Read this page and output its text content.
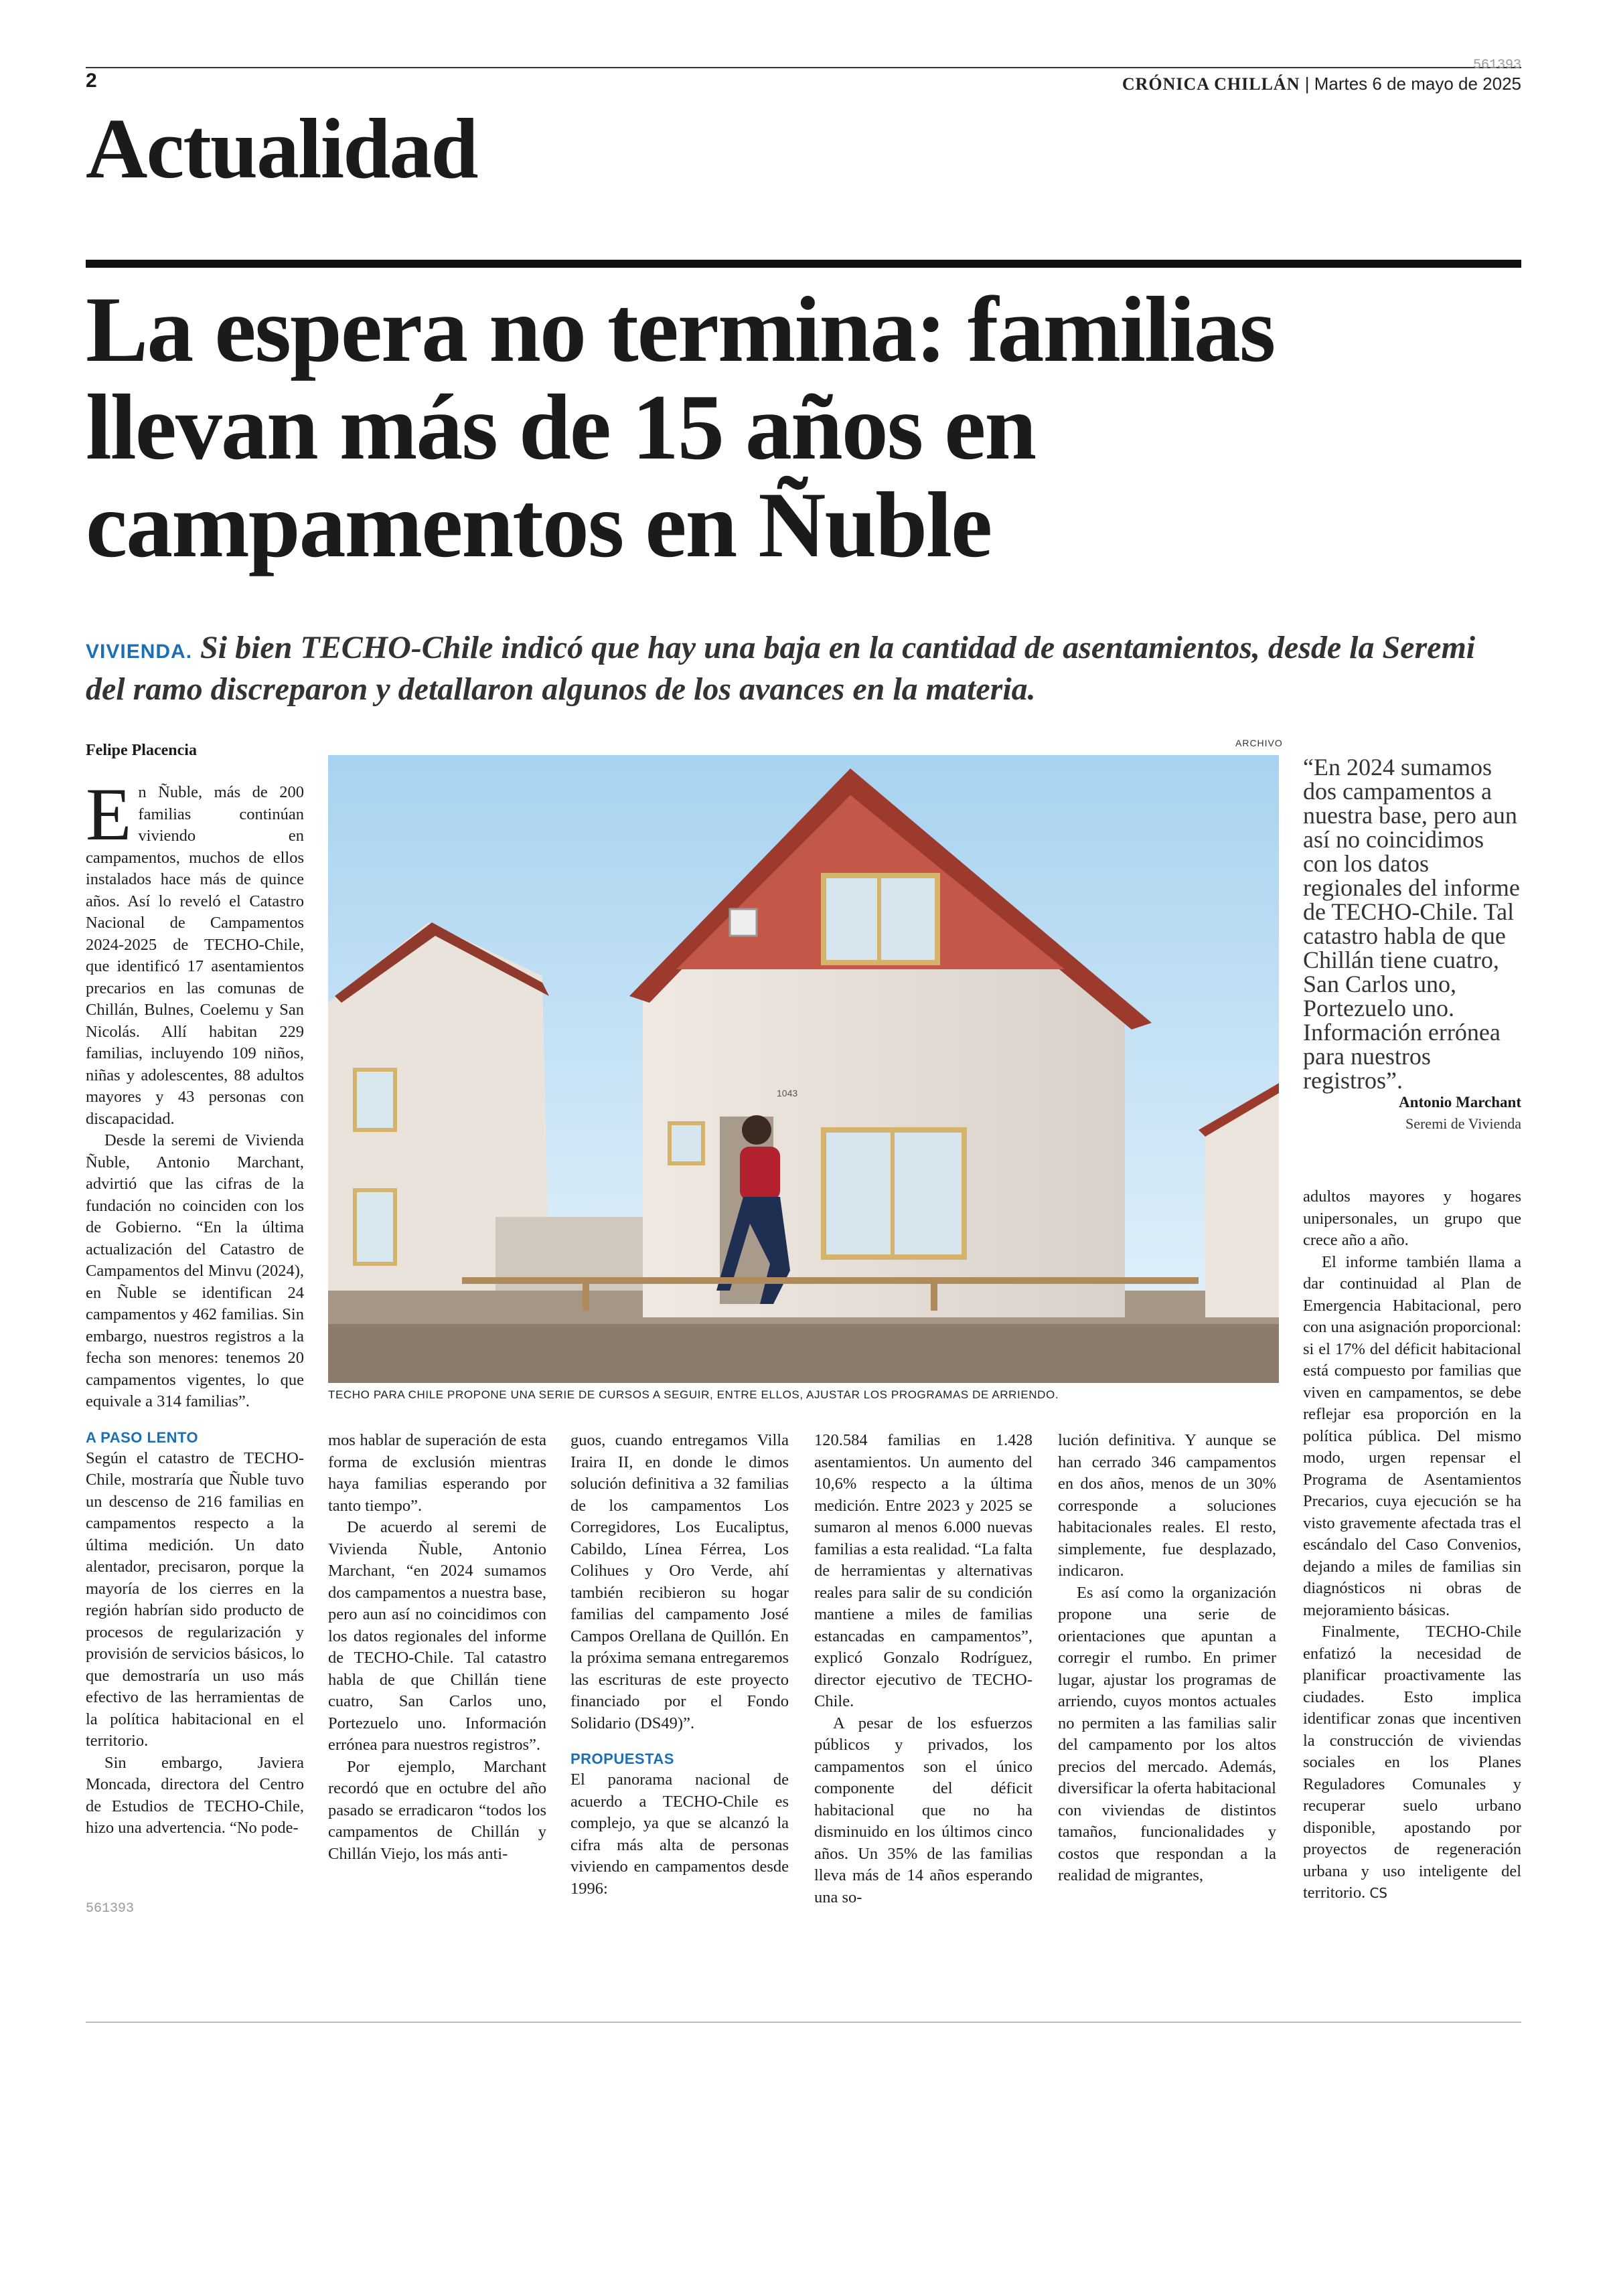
2
561393
CRÓNICA CHILLÁN | Martes 6 de mayo de 2025
Actualidad
La espera no termina: familias
llevan más de 15 años en
campamentos en Ñuble
VIVIENDA. Si bien TECHO-Chile indicó que hay una baja en la cantidad de asentamientos, desde la Seremi del ramo discreparon y detallaron algunos de los avances en la materia.
Felipe Placencia	ARCHIVO

En Ñuble, más de 200 familias continúan viviendo en campamentos, muchos de ellos instalados hace más de quince años. Así lo reveló el Catastro Nacional de Campamentos 2024-2025 de TECHO-Chile, que identificó 17 asentamientos precarios en las comunas de Chillán, Bulnes, Coelemu y San Nicolás. Allí habitan 229 familias, incluyendo 109 niños, niñas y adolescentes, 88 adultos mayores y 43 personas con discapacidad.

Desde la seremi de Vivienda Ñuble, Antonio Marchant, advirtió que las cifras de la fundación no coinciden con los de Gobierno. “En la última actualización del Catastro de Campamentos del Minvu (2024), en Ñuble se identifican 24 campamentos y 462 familias. Sin embargo, nuestros registros a la fecha son menores: tenemos 20 campamentos vigentes, lo que equivale a 314 familias”.

A PASO LENTO

Según el catastro de TECHO-Chile, mostraría que Ñuble tuvo un descenso de 216 familias en campamentos respecto a la última medición. Un dato alentador, precisaron, porque la mayoría de los cierres en la región habrían sido producto de procesos de regularización y provisión de servicios básicos, lo que demostraría un uso más efectivo de las herramientas de la política habitacional en el territorio.

Sin embargo, Javiera Moncada, directora del Centro de Estudios de TECHO-Chile, hizo una advertencia. “No pode-

561393
1043
TECHO PARA CHILE PROPONE UNA SERIE DE CURSOS A SEGUIR, ENTRE ELLOS, AJUSTAR LOS PROGRAMAS DE ARRIENDO.
“En 2024 sumamos dos campamentos a nuestra base, pero aun así no coincidimos con los datos regionales del informe de TECHO-Chile. Tal catastro habla de que Chillán tiene cuatro, San Carlos uno, Portezuelo uno. Información errónea para nuestros registros”.
Antonio Marchant
Seremi de Vivienda

mos hablar de superación de esta forma de exclusión mientras haya familias esperando por tanto tiempo”.

De acuerdo al seremi de Vivienda Ñuble, Antonio Marchant, “en 2024 sumamos dos campamentos a nuestra base, pero aun así no coincidimos con los datos regionales del informe de TECHO-Chile. Tal catastro habla de que Chillán tiene cuatro, San Carlos uno, Portezuelo uno. Información errónea para nuestros registros”.

Por ejemplo, Marchant recordó que en octubre del año pasado se erradicaron “todos los campamentos de Chillán y Chillán Viejo, los más anti-

guos, cuando entregamos Villa Iraira II, en donde le dimos solución definitiva a 32 familias de los campamentos Los Corregidores, Los Eucaliptus, Cabildo, Línea Férrea, Los Colihues y Oro Verde, ahí también recibieron su hogar familias del campamento José Campos Orellana de Quillón. En la próxima semana entregaremos las escrituras de este proyecto financiado por el Fondo Solidario (DS49)”.

PROPUESTAS

El panorama nacional de acuerdo a TECHO-Chile es complejo, ya que se alcanzó la cifra más alta de personas viviendo en campamentos desde 1996:

120.584 familias en 1.428 asentamientos. Un aumento del 10,6% respecto a la última medición. Entre 2023 y 2025 se sumaron al menos 6.000 nuevas familias a esta realidad. “La falta de herramientas y alternativas reales para salir de su condición mantiene a miles de familias estancadas en campamentos”, explicó Gonzalo Rodríguez, director ejecutivo de TECHO-Chile.

A pesar de los esfuerzos públicos y privados, los campamentos son el único componente del déficit habitacional que no ha disminuido en los últimos cinco años. Un 35% de las familias lleva más de 14 años esperando una so-

lución definitiva. Y aunque se han cerrado 346 campamentos en dos años, menos de un 30% corresponde a soluciones habitacionales reales. El resto, simplemente, fue desplazado, indicaron.

Es así como la organización propone una serie de orientaciones que apuntan a corregir el rumbo. En primer lugar, ajustar los programas de arriendo, cuyos montos actuales no permiten a las familias salir del campamento por los altos precios del mercado. Además, diversificar la oferta habitacional con viviendas de distintos tamaños, funcionalidades y costos que respondan a la realidad de migrantes,

adultos mayores y hogares unipersonales, un grupo que crece año a año.

El informe también llama a dar continuidad al Plan de Emergencia Habitacional, pero con una asignación proporcional: si el 17% del déficit habitacional está compuesto por familias que viven en campamentos, se debe reflejar esa proporción en la política pública. Del mismo modo, urgen repensar el Programa de Asentamientos Precarios, cuya ejecución se ha visto gravemente afectada tras el escándalo del Caso Convenios, dejando a miles de familias sin diagnósticos ni obras de mejoramiento básicas.

Finalmente, TECHO-Chile enfatizó la necesidad de planificar proactivamente las ciudades. Esto implica identificar zonas que incentiven la construcción de viviendas sociales en los Planes Reguladores Comunales y recuperar suelo urbano disponible, apostando por proyectos de regeneración urbana y uso inteligente del territorio. CS
